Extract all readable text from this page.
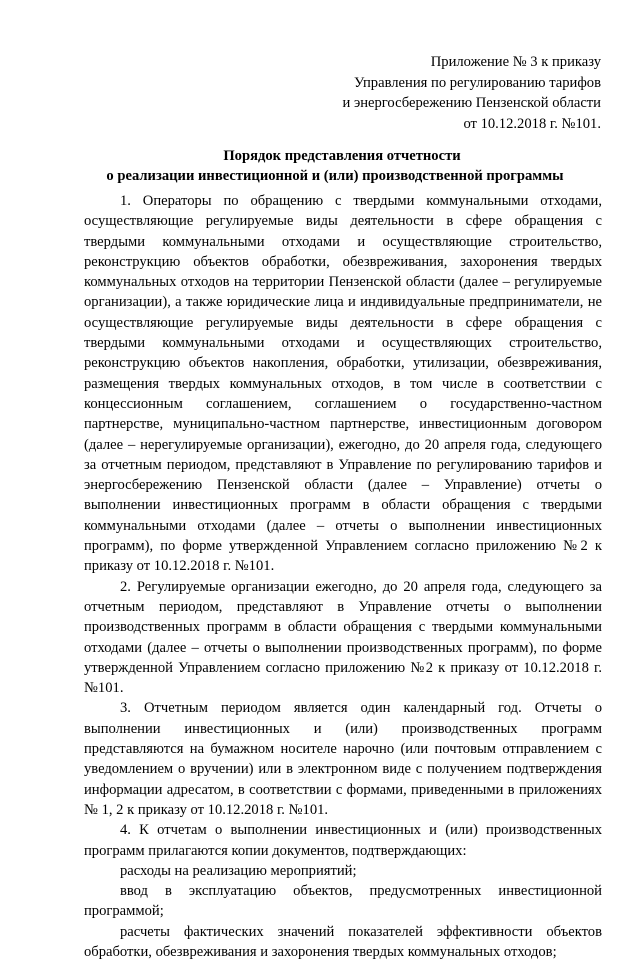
Приложение № 3 к приказу
Управления по регулированию тарифов
и энергосбережению Пензенской области
от 10.12.2018 г. №101.
Порядок представления отчетности
о реализации инвестиционной и (или) производственной программы

1. Операторы по обращению с твердыми коммунальными отходами, осуществляющие регулируемые виды деятельности в сфере обращения с твердыми коммунальными отходами и осуществляющие строительство, реконструкцию объектов обработки, обезвреживания, захоронения твердых коммунальных отходов на территории Пензенской области (далее – регулируемые организации), а также юридические лица и индивидуальные предприниматели, не осуществляющие регулируемые виды деятельности в сфере обращения с твердыми коммунальными отходами и осуществляющих строительство, реконструкцию объектов накопления, обработки, утилизации, обезвреживания, размещения твердых коммунальных отходов, в том числе в соответствии с концессионным соглашением, соглашением о государственно-частном партнерстве, муниципально-частном партнерстве, инвестиционным договором (далее – нерегулируемые организации), ежегодно, до 20 апреля года, следующего за отчетным периодом, представляют в Управление по регулированию тарифов и энергосбережению Пензенской области (далее – Управление) отчеты о выполнении инвестиционных программ в области обращения с твердыми коммунальными отходами (далее – отчеты о выполнении инвестиционных программ), по форме утвержденной Управлением согласно приложению №2 к приказу от 10.12.2018 г. №101.

2. Регулируемые организации ежегодно, до 20 апреля года, следующего за отчетным периодом, представляют в Управление отчеты о выполнении производственных программ в области обращения с твердыми коммунальными отходами (далее – отчеты о выполнении производственных программ), по форме утвержденной Управлением согласно приложению №2 к приказу от 10.12.2018 г. №101.

3. Отчетным периодом является один календарный год. Отчеты о выполнении инвестиционных и (или) производственных программ представляются на бумажном носителе нарочно (или почтовым отправлением с уведомлением о вручении) или в электронном виде с получением подтверждения информации адресатом, в соответствии с формами, приведенными в приложениях № 1, 2 к приказу от 10.12.2018 г. №101.

4. К отчетам о выполнении инвестиционных и (или) производственных программ прилагаются копии документов, подтверждающих:

расходы на реализацию мероприятий;

ввод в эксплуатацию объектов, предусмотренных инвестиционной программой;

расчеты фактических значений показателей эффективности объектов обработки, обезвреживания и захоронения твердых коммунальных отходов;
